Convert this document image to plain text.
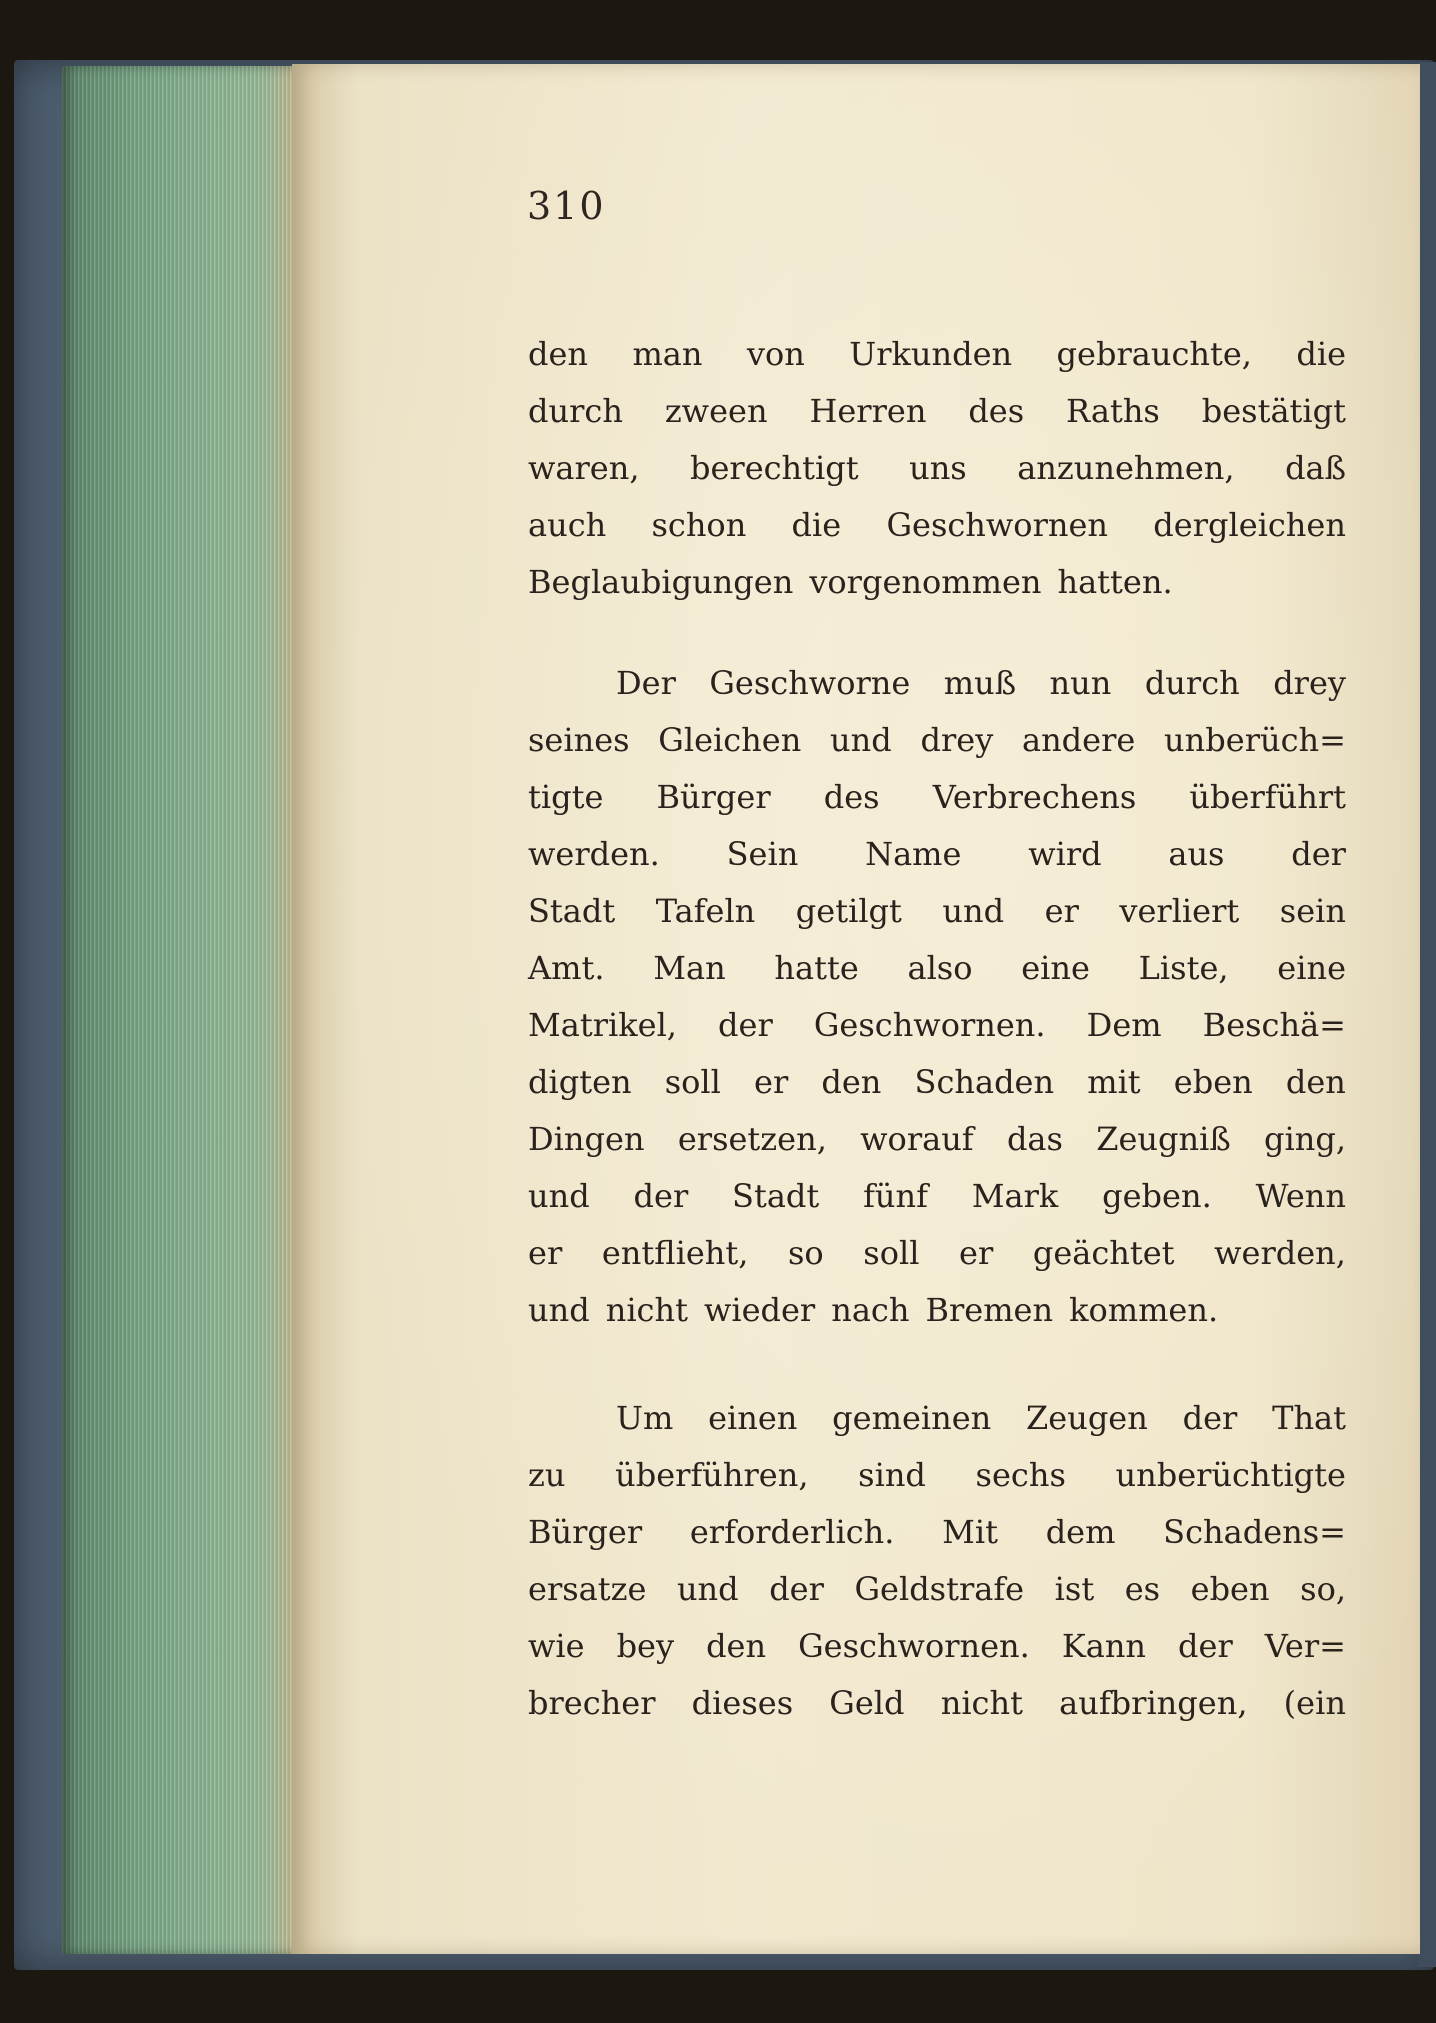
310
den man von Urkunden gebrauchte, die
durch zween Herren des Raths bestätigt
waren, berechtigt uns anzunehmen, daß
auch schon die Geschwornen dergleichen
Beglaubigungen vorgenommen hatten.
Der Geschworne muß nun durch drey
seines Gleichen und drey andere unberüch=
tigte Bürger des Verbrechens überführt
werden. Sein Name wird aus der
Stadt Tafeln getilgt und er verliert sein
Amt. Man hatte also eine Liste, eine
Matrikel, der Geschwornen. Dem Beschä=
digten soll er den Schaden mit eben den
Dingen ersetzen, worauf das Zeugniß ging,
und der Stadt fünf Mark geben. Wenn
er entflieht, so soll er geächtet werden,
und nicht wieder nach Bremen kommen.
Um einen gemeinen Zeugen der That
zu überführen, sind sechs unberüchtigte
Bürger erforderlich. Mit dem Schadens=
ersatze und der Geldstrafe ist es eben so,
wie bey den Geschwornen. Kann der Ver=
brecher dieses Geld nicht aufbringen, (ein
